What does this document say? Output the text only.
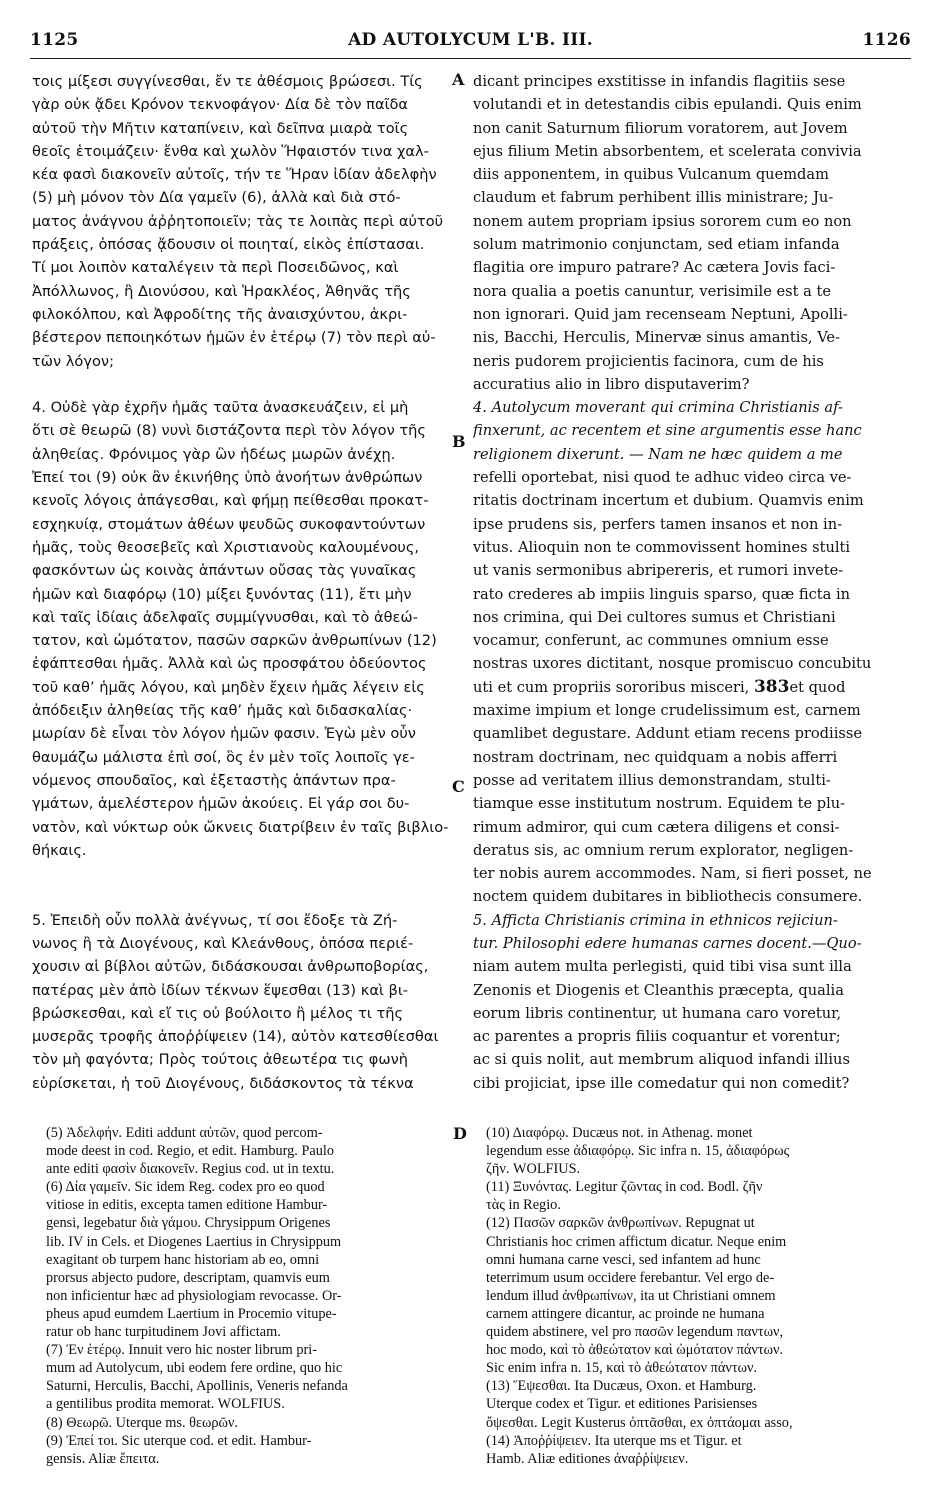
1125	AD AUTOLYCUM L'B. III.	1126
A
B
C
D
τοις μίξεσι συγγίνεσθαι, ἔν τε ἀθέσμοις βρώσεσι. Τίς
γὰρ οὐκ ᾄδει Κρόνον τεκνοφάγον· Δία δὲ τὸν παῖδα
αὐτοῦ τὴν Μῆτιν καταπίνειν, καὶ δεῖπνα μιαρὰ τοῖς
θεοῖς ἑτοιμάζειν· ἔνθα καὶ χωλὸν Ἥφαιστόν τινα χαλ-
κέα φασὶ διακονεῖν αὐτοῖς, τήν τε Ἥραν ἰδίαν ἀδελφὴν
(5) μὴ μόνον τὸν Δία γαμεῖν (6), ἀλλὰ καὶ διὰ στό-
ματος ἀνάγνου ἀῤῥητοποιεῖν; τὰς τε λοιπὰς περὶ αὐτοῦ
πράξεις, ὁπόσας ᾄδουσιν οἱ ποιηταί, εἰκὸς ἐπίστασαι.
Τί μοι λοιπὸν καταλέγειν τὰ περὶ Ποσειδῶνος, καὶ
Ἀπόλλωνος, ἢ Διονύσου, καὶ Ἡρακλέος, Ἀθηνᾶς τῆς
φιλοκόλπου, καὶ Ἀφροδίτης τῆς ἀναισχύντου, ἀκρι-
βέστερον πεποιηκότων ἡμῶν ἐν ἑτέρῳ (7) τὸν περὶ αὐ-
τῶν λόγον;
4. Οὐδὲ γὰρ ἐχρῆν ἡμᾶς ταῦτα ἀνασκευάζειν, εἰ μὴ
ὅτι σὲ θεωρῶ (8) νυνὶ διστάζοντα περὶ τὸν λόγον τῆς
ἀληθείας. Φρόνιμος γὰρ ὢν ἡδέως μωρῶν ἀνέχῃ.
Ἐπεί τοι (9) οὐκ ἂν ἐκινήθης ὑπὸ ἀνοήτων ἀνθρώπων
κενοῖς λόγοις ἀπάγεσθαι, καὶ φήμῃ πείθεσθαι προκατ-
εσχηκυίᾳ, στομάτων ἀθέων ψευδῶς συκοφαντούντων
ἡμᾶς, τοὺς θεοσεβεῖς καὶ Χριστιανοὺς καλουμένους,
φασκόντων ὡς κοινὰς ἁπάντων οὔσας τὰς γυναῖκας
ἡμῶν καὶ διαφόρῳ (10) μίξει ξυνόντας (11), ἔτι μὴν
καὶ ταῖς ἰδίαις ἀδελφαῖς συμμίγνυσθαι, καὶ τὸ ἀθεώ-
τατον, καὶ ὠμότατον, πασῶν σαρκῶν ἀνθρωπίνων (12)
ἐφάπτεσθαι ἡμᾶς. Ἀλλὰ καὶ ὡς προσφάτου ὁδεύοντος
τοῦ καθ’ ἡμᾶς λόγου, καὶ μηδὲν ἔχειν ἡμᾶς λέγειν εἰς
ἀπόδειξιν ἀληθείας τῆς καθ’ ἡμᾶς καὶ διδασκαλίας·
μωρίαν δὲ εἶναι τὸν λόγον ἡμῶν φασιν. Ἐγὼ μὲν οὖν
θαυμάζω μάλιστα ἐπὶ σοί, ὃς ἐν μὲν τοῖς λοιποῖς γε-
νόμενος σπουδαῖος, καὶ ἐξεταστὴς ἁπάντων πρα-
γμάτων, ἀμελέστερον ἡμῶν ἀκούεις. Εἰ γάρ σοι δυ-
νατὸν, καὶ νύκτωρ οὐκ ὤκνεις διατρίβειν ἐν ταῖς βιβλιο-
θήκαις.
5. Ἐπειδὴ οὖν πολλὰ ἀνέγνως, τί σοι ἔδοξε τὰ Ζή-
νωνος ἢ τὰ Διογένους, καὶ Κλεάνθους, ὁπόσα περιέ-
χουσιν αἱ βίβλοι αὐτῶν, διδάσκουσαι ἀνθρωποβορίας,
πατέρας μὲν ἀπὸ ἰδίων τέκνων ἕψεσθαι (13) καὶ βι-
βρώσκεσθαι, καὶ εἴ τις οὐ βούλοιτο ἢ μέλος τι τῆς
μυσερᾶς τροφῆς ἀποῤῥίψειεν (14), αὐτὸν κατεσθίεσθαι
τὸν μὴ φαγόντα; Πρὸς τούτοις ἀθεωτέρα τις φωνὴ
εὑρίσκεται, ἡ τοῦ Διογένους, διδάσκοντος τὰ τέκνα
dicant principes exstitisse in infandis flagitiis sese
volutandi et in detestandis cibis epulandi. Quis enim
non canit Saturnum filiorum voratorem, aut Jovem
ejus filium Metin absorbentem, et scelerata convivia
diis apponentem, in quibus Vulcanum quemdam
claudum et fabrum perhibent illis ministrare; Ju-
nonem autem propriam ipsius sororem cum eo non
solum matrimonio conjunctam, sed etiam infanda
flagitia ore impuro patrare? Ac cætera Jovis faci-
nora qualia a poetis canuntur, verisimile est a te
non ignorari. Quid jam recenseam Neptuni, Apolli-
nis, Bacchi, Herculis, Minervæ sinus amantis, Ve-
neris pudorem projicientis facinora, cum de his
accuratius alio in libro disputaverim?
4. Autolycum moverant qui crimina Christianis af-
finxerunt, ac recentem et sine argumentis esse hanc
religionem dixerunt. — Nam ne hæc quidem a me
refelli oportebat, nisi quod te adhuc video circa ve-
ritatis doctrinam incertum et dubium. Quamvis enim
ipse prudens sis, perfers tamen insanos et non in-
vitus. Alioquin non te commovissent homines stulti
ut vanis sermonibus abripereris, et rumori invete-
rato crederes ab impiis linguis sparso, quæ ficta in
nos crimina, qui Dei cultores sumus et Christiani
vocamur, conferunt, ac communes omnium esse
nostras uxores dictitant, nosque promiscuo concubitu
uti et cum propriis sororibus misceri, 383et quod
maxime impium et longe crudelissimum est, carnem
quamlibet degustare. Addunt etiam recens prodiisse
nostram doctrinam, nec quidquam a nobis afferri
posse ad veritatem illius demonstrandam, stulti-
tiamque esse institutum nostrum. Equidem te plu-
rimum admiror, qui cum cætera diligens et consi-
deratus sis, ac omnium rerum explorator, negligen-
ter nobis aurem accommodes. Nam, si fieri posset, ne
noctem quidem dubitares in bibliothecis consumere.
5. Afficta Christianis crimina in ethnicos rejiciun-
tur. Philosophi edere humanas carnes docent.—Quo-
niam autem multa perlegisti, quid tibi visa sunt illa
Zenonis et Diogenis et Cleanthis præcepta, qualia
eorum libris continentur, ut humana caro voretur,
ac parentes a propris filiis coquantur et vorentur;
ac si quis nolit, aut membrum aliquod infandi illius
cibi projiciat, ipse ille comedatur qui non comedit?
(5) Ἀδελφήν. Editi addunt αὐτῶν, quod percom-
mode deest in cod. Regio, et edit. Hamburg. Paulo
ante editi φασὶν διακονεῖν. Regius cod. ut in textu.
(6) Δία γαμεῖν. Sic idem Reg. codex pro eo quod
vitiose in editis, excepta tamen editione Hambur-
gensi, legebatur διὰ γάμου. Chrysippum Origenes
lib. IV in Cels. et Diogenes Laertius in Chrysippum
exagitant ob turpem hanc historiam ab eo, omni
prorsus abjecto pudore, descriptam, quamvis eum
non inficientur hæc ad physiologiam revocasse. Or-
pheus apud eumdem Laertium in Procemio vitupe-
ratur ob hanc turpitudinem Jovi affictam.
(7) Ἐν ἑτέρῳ. Innuit vero hic noster librum pri-
mum ad Autolycum, ubi eodem fere ordine, quo hic
Saturni, Herculis, Bacchi, Apollinis, Veneris nefanda
a gentilibus prodita memorat. WOLFIUS.
(8) Θεωρῶ. Uterque ms. θεωρῶν.
(9) Ἐπεί τοι. Sic uterque cod. et edit. Hambur-
gensis. Aliæ ἔπειτα.
(10) Διαφόρῳ. Ducæus not. in Athenag. monet
legendum esse ἀδιαφόρῳ. Sic infra n. 15, ἀδιαφόρως
ζῆν. WOLFIUS.
(11) Ξυνόντας. Legitur ζῶντας in cod. Bodl. ζῆν
τὰς in Regio.
(12) Πασῶν σαρκῶν ἀνθρωπίνων. Repugnat ut
Christianis hoc crimen affictum dicatur. Neque enim
omni humana carne vesci, sed infantem ad hunc
teterrimum usum occidere ferebantur. Vel ergo de-
lendum illud ἀνθρωπίνων, ita ut Christiani omnem
carnem attingere dicantur, ac proinde ne humana
quidem abstinere, vel pro πασῶν legendum παντων,
hoc modo, καὶ τὸ ἀθεώτατον καὶ ὠμότατον πάντων.
Sic enim infra n. 15, καὶ τὸ ἀθεώτατον πάντων.
(13) Ἕψεσθαι. Ita Ducæus, Oxon. et Hamburg.
Uterque codex et Tigur. et editiones Parisienses
ὄψεσθαι. Legit Kusterus ὀπτᾶσθαι, ex ὀπτάομαι assο,
(14) Ἀποῤῥίψειεν. Ita uterque ms et Tigur. et
Hamb. Aliæ editiones ἀναῤῥίψειεν.
